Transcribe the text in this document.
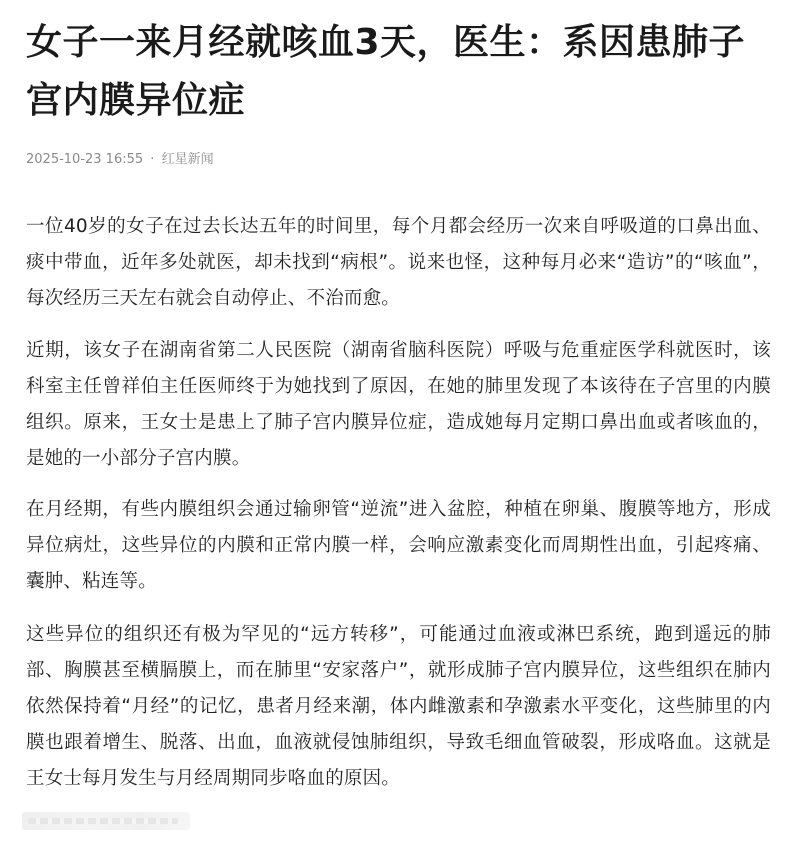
女子一来月经就咳血3天，医生：系因患肺子宫内膜异位症
2025-10-23 16:55 · 红星新闻

一位40岁的女子在过去长达五年的时间里，每个月都会经历一次来自呼吸道的口鼻出血、痰中带血，近年多处就医，却未找到“病根”。说来也怪，这种每月必来“造访”的“咳血”，每次经历三天左右就会自动停止、不治而愈。

近期，该女子在湖南省第二人民医院（湖南省脑科医院）呼吸与危重症医学科就医时，该科室主任曾祥伯主任医师终于为她找到了原因，在她的肺里发现了本该待在子宫里的内膜组织。原来，王女士是患上了肺子宫内膜异位症，造成她每月定期口鼻出血或者咳血的，是她的一小部分子宫内膜。

在月经期，有些内膜组织会通过输卵管“逆流”进入盆腔，种植在卵巢、腹膜等地方，形成异位病灶，这些异位的内膜和正常内膜一样，会响应激素变化而周期性出血，引起疼痛、囊肿、粘连等。

这些异位的组织还有极为罕见的“远方转移”，可能通过血液或淋巴系统，跑到遥远的肺部、胸膜甚至横膈膜上，而在肺里“安家落户”，就形成肺子宫内膜异位，这些组织在肺内依然保持着“月经”的记忆，患者月经来潮，体内雌激素和孕激素水平变化，这些肺里的内膜也跟着增生、脱落、出血，血液就侵蚀肺组织，导致毛细血管破裂，形成咯血。这就是王女士每月发生与月经周期同步咯血的原因。
